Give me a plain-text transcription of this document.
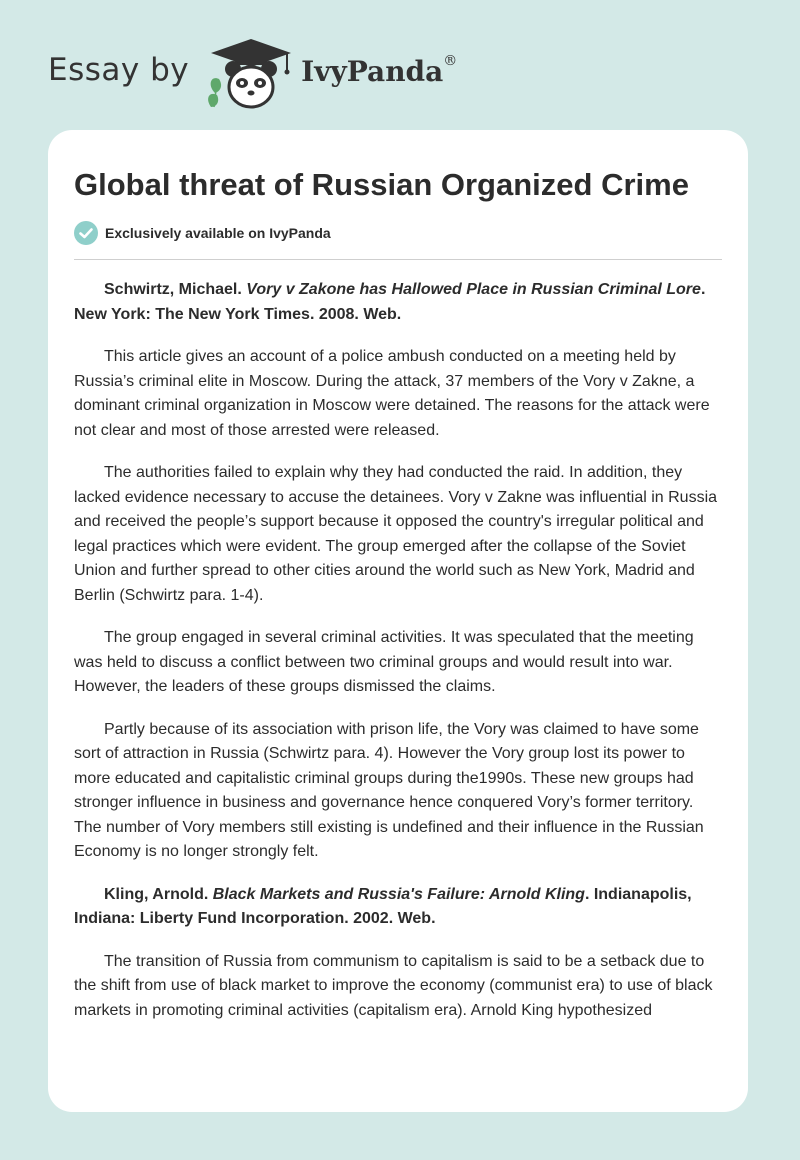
Essay by	IvyPanda®
Global threat of Russian Organized Crime
Exclusively available on IvyPanda

Schwirtz, Michael. Vory v Zakone has Hallowed Place in Russian Criminal Lore. New York: The New York Times. 2008. Web.

This article gives an account of a police ambush conducted on a meeting held by Russia’s criminal elite in Moscow. During the attack, 37 members of the Vory v Zakne, a dominant criminal organization in Moscow were detained. The reasons for the attack were not clear and most of those arrested were released.

The authorities failed to explain why they had conducted the raid. In addition, they lacked evidence necessary to accuse the detainees. Vory v Zakne was influential in Russia and received the people’s support because it opposed the country's irregular political and legal practices which were evident. The group emerged after the collapse of the Soviet Union and further spread to other cities around the world such as New York, Madrid and Berlin (Schwirtz para. 1-4).

The group engaged in several criminal activities. It was speculated that the meeting was held to discuss a conflict between two criminal groups and would result into war. However, the leaders of these groups dismissed the claims.

Partly because of its association with prison life, the Vory was claimed to have some sort of attraction in Russia (Schwirtz para. 4). However the Vory group lost its power to more educated and capitalistic criminal groups during the1990s. These new groups had stronger influence in business and governance hence conquered Vory’s former territory. The number of Vory members still existing is undefined and their influence in the Russian Economy is no longer strongly felt.

Kling, Arnold. Black Markets and Russia's Failure: Arnold Kling. Indianapolis, Indiana: Liberty Fund Incorporation. 2002. Web.

The transition of Russia from communism to capitalism is said to be a setback due to the shift from use of black market to improve the economy (communist era) to use of black markets in promoting criminal activities (capitalism era). Arnold King hypothesized
